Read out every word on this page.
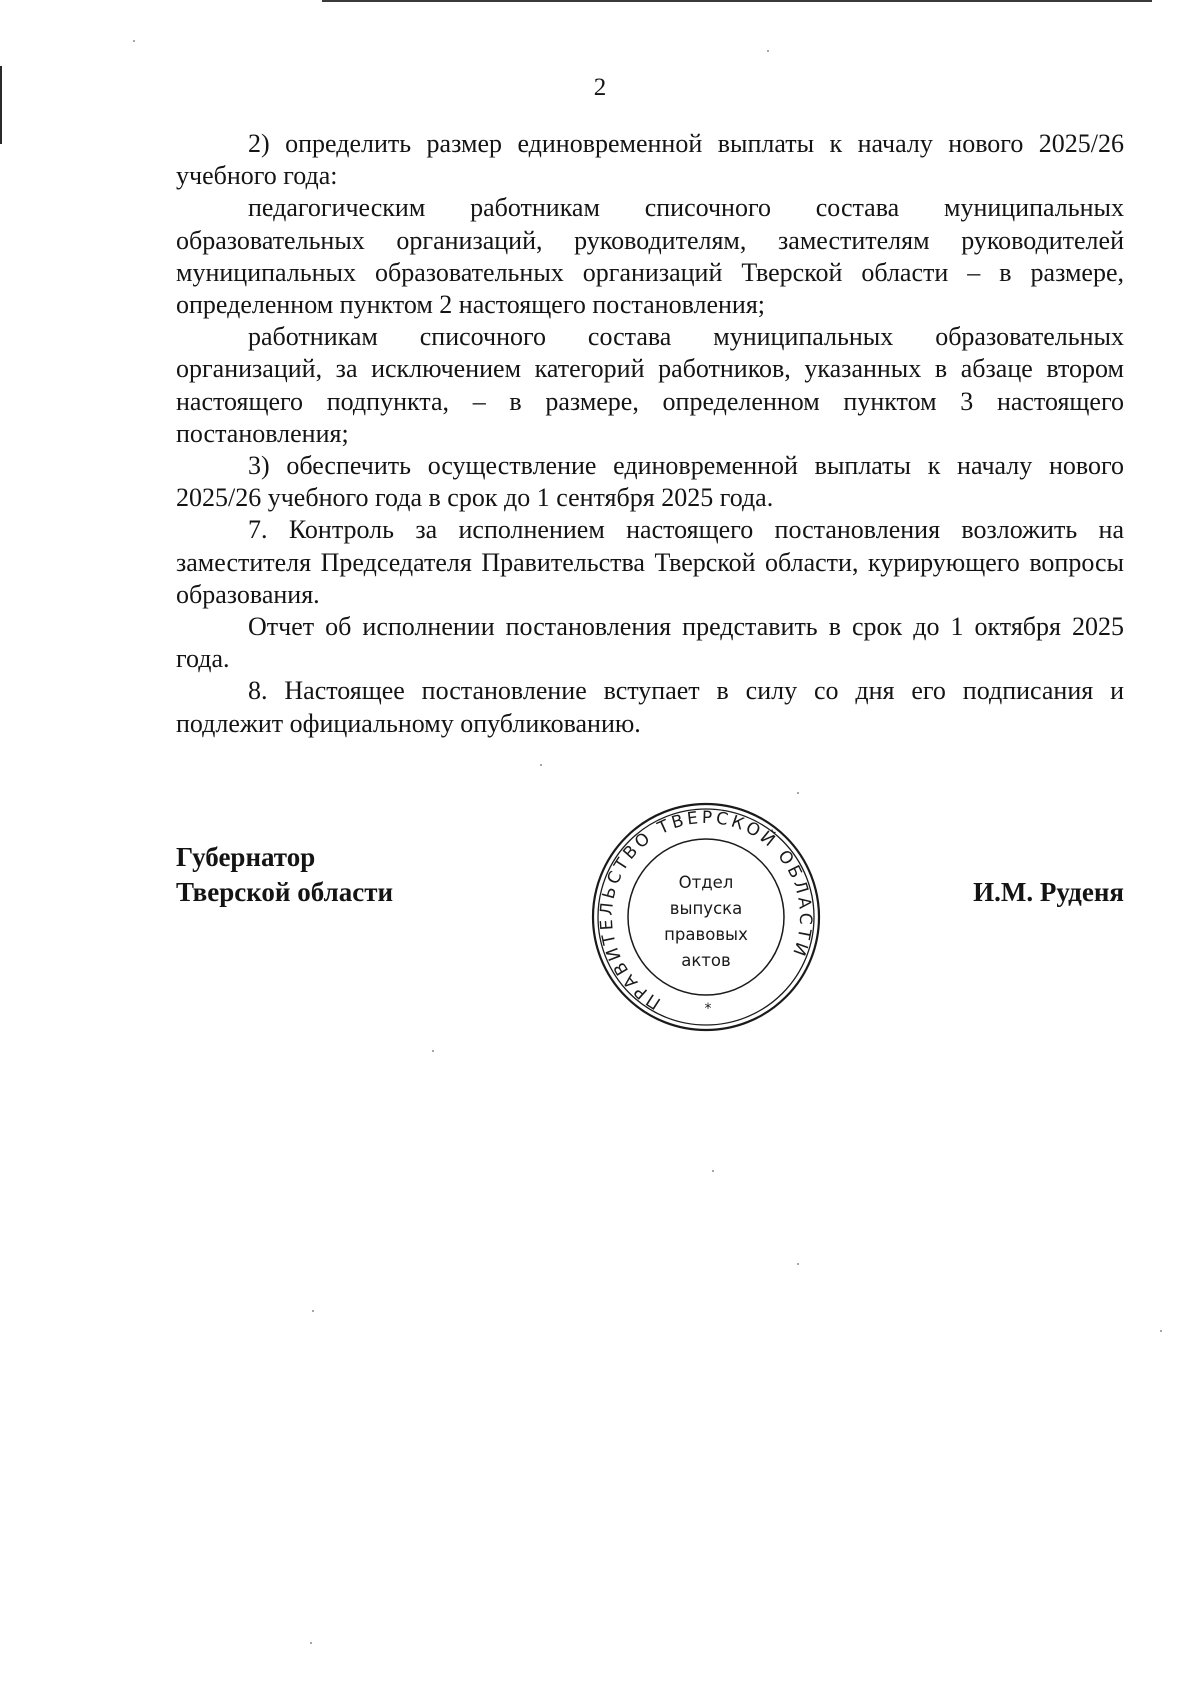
2

2) определить размер единовременной выплаты к началу нового 2025/26 учебного года:

педагогическим работникам списочного состава муниципальных образовательных организаций, руководителям, заместителям руководителей муниципальных образовательных организаций Тверской области – в размере, определенном пунктом 2 настоящего постановления;

работникам списочного состава муниципальных образовательных организаций, за исключением категорий работников, указанных в абзаце втором настоящего подпункта, – в размере, определенном пунктом 3 настоящего постановления;

3) обеспечить осуществление единовременной выплаты к началу нового 2025/26 учебного года в срок до 1 сентября 2025 года.

7. Контроль за исполнением настоящего постановления возложить на заместителя Председателя Правительства Тверской области, курирующего вопросы образования.

Отчет об исполнении постановления представить в срок до 1 октября 2025 года.

8. Настоящее постановление вступает в силу со дня его подписания и подлежит официальному опубликованию.

Губернатор
Тверской области
ПРАВИТЕЛЬСТВО ТВЕРСКОЙ ОБЛАСТИ
Отдел
выпуска
правовых
актов
*
И.М. Руденя
